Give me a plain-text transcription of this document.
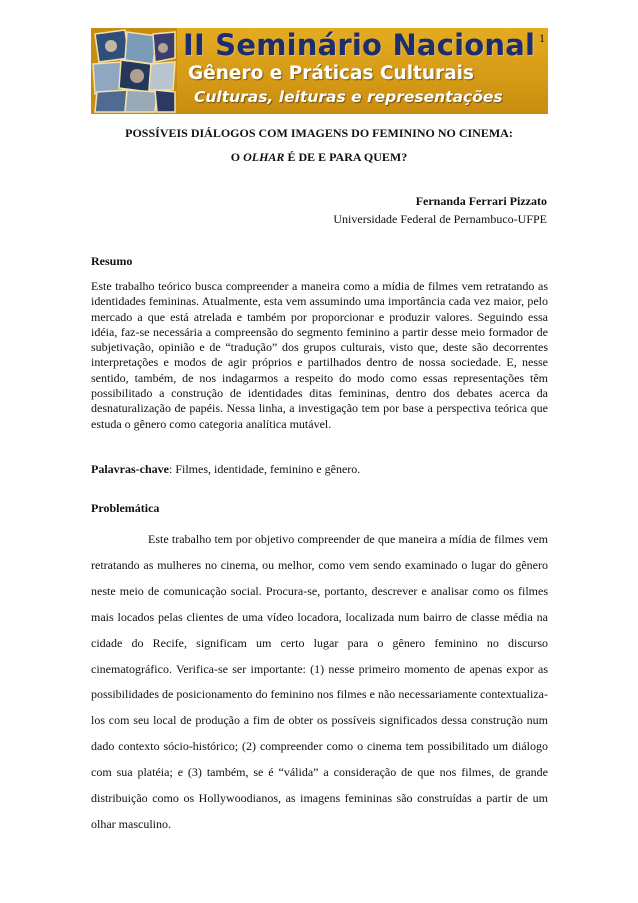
II Seminário Nacional
Gênero e Práticas Culturais
Culturas, leituras e representações
1
POSSÍVEIS DIÁLOGOS COM IMAGENS DO FEMININO NO CINEMA:
O OLHAR É DE E PARA QUEM?
Fernanda Ferrari Pizzato
Universidade Federal de Pernambuco-UFPE
Resumo

Este trabalho teórico busca compreender a maneira como a mídia de filmes vem retratando as identidades femininas. Atualmente, esta vem assumindo uma importância cada vez maior, pelo mercado a que está atrelada e também por proporcionar e produzir valores. Seguindo essa idéia, faz-se necessária a compreensão do segmento feminino a partir desse meio formador de subjetivação, opinião e de “tradução” dos grupos culturais, visto que, deste são decorrentes interpretações e modos de agir próprios e partilhados dentro de nossa sociedade. E, nesse sentido, também, de nos indagarmos a respeito do modo como essas representações têm possibilitado a construção de identidades ditas femininas, dentro dos debates acerca da desnaturalização de papéis. Nessa linha, a investigação tem por base a perspectiva teórica que estuda o gênero como categoria analítica mutável.

Palavras-chave: Filmes, identidade, feminino e gênero.
Problemática

Este trabalho tem por objetivo compreender de que maneira a mídia de filmes vem retratando as mulheres no cinema, ou melhor, como vem sendo examinado o lugar do gênero neste meio de comunicação social. Procura-se, portanto, descrever e analisar como os filmes mais locados pelas clientes de uma vídeo locadora, localizada num bairro de classe média na cidade do Recife, significam um certo lugar para o gênero feminino no discurso cinematográfico. Verifica-se ser importante: (1) nesse primeiro momento de apenas expor as possibilidades de posicionamento do feminino nos filmes e não necessariamente contextualiza-los com seu local de produção a fim de obter os possíveis significados dessa construção num dado contexto sócio-histórico; (2) compreender como o cinema tem possibilitado um diálogo com sua platéia; e (3) também, se é “válida” a consideração de que nos filmes, de grande distribuição como os Hollywoodianos, as imagens femininas são construídas a partir de um olhar masculino.
